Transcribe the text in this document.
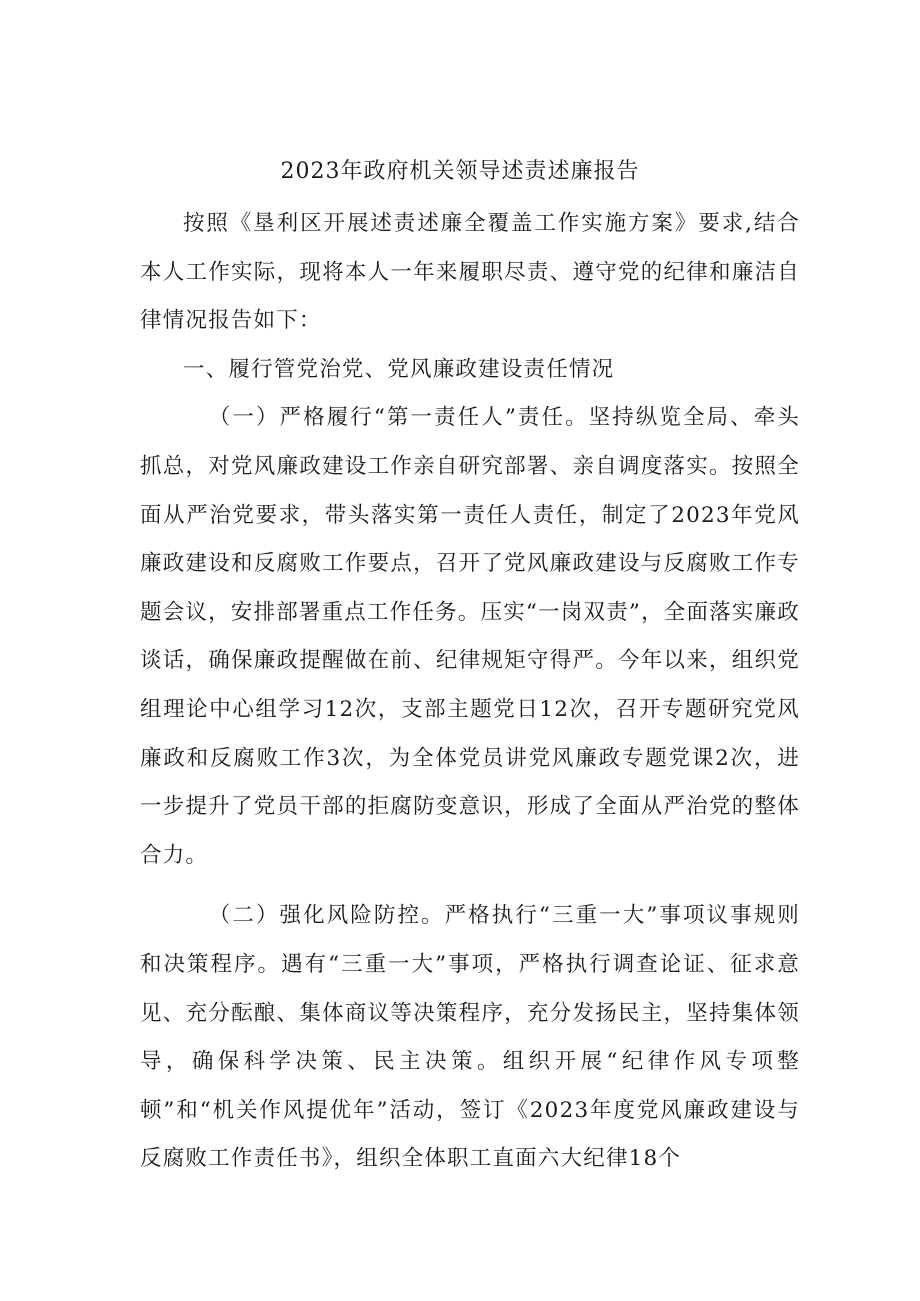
2023年政府机关领导述责述廉报告

按照《垦利区开展述责述廉全覆盖工作实施方案》要求,结合本人工作实际，现将本人一年来履职尽责、遵守党的纪律和廉洁自律情况报告如下：

一、履行管党治党、党风廉政建设责任情况

（一）严格履行“第一责任人”责任。坚持纵览全局、牵头抓总，对党风廉政建设工作亲自研究部署、亲自调度落实。按照全面从严治党要求，带头落实第一责任人责任，制定了2023年党风廉政建设和反腐败工作要点，召开了党风廉政建设与反腐败工作专题会议，安排部署重点工作任务。压实“一岗双责”，全面落实廉政谈话，确保廉政提醒做在前、纪律规矩守得严。今年以来，组织党组理论中心组学习12次，支部主题党日12次，召开专题研究党风廉政和反腐败工作3次，为全体党员讲党风廉政专题党课2次，进一步提升了党员干部的拒腐防变意识，形成了全面从严治党的整体合力。

（二）强化风险防控。严格执行“三重一大”事项议事规则和决策程序。遇有“三重一大”事项，严格执行调查论证、征求意见、充分酝酿、集体商议等决策程序，充分发扬民主，坚持集体领导，确保科学决策、民主决策。组织开展“纪律作风专项整顿”和“机关作风提优年”活动，签订《2023年度党风廉政建设与反腐败工作责任书》，组织全体职工直面六大纪律18个
